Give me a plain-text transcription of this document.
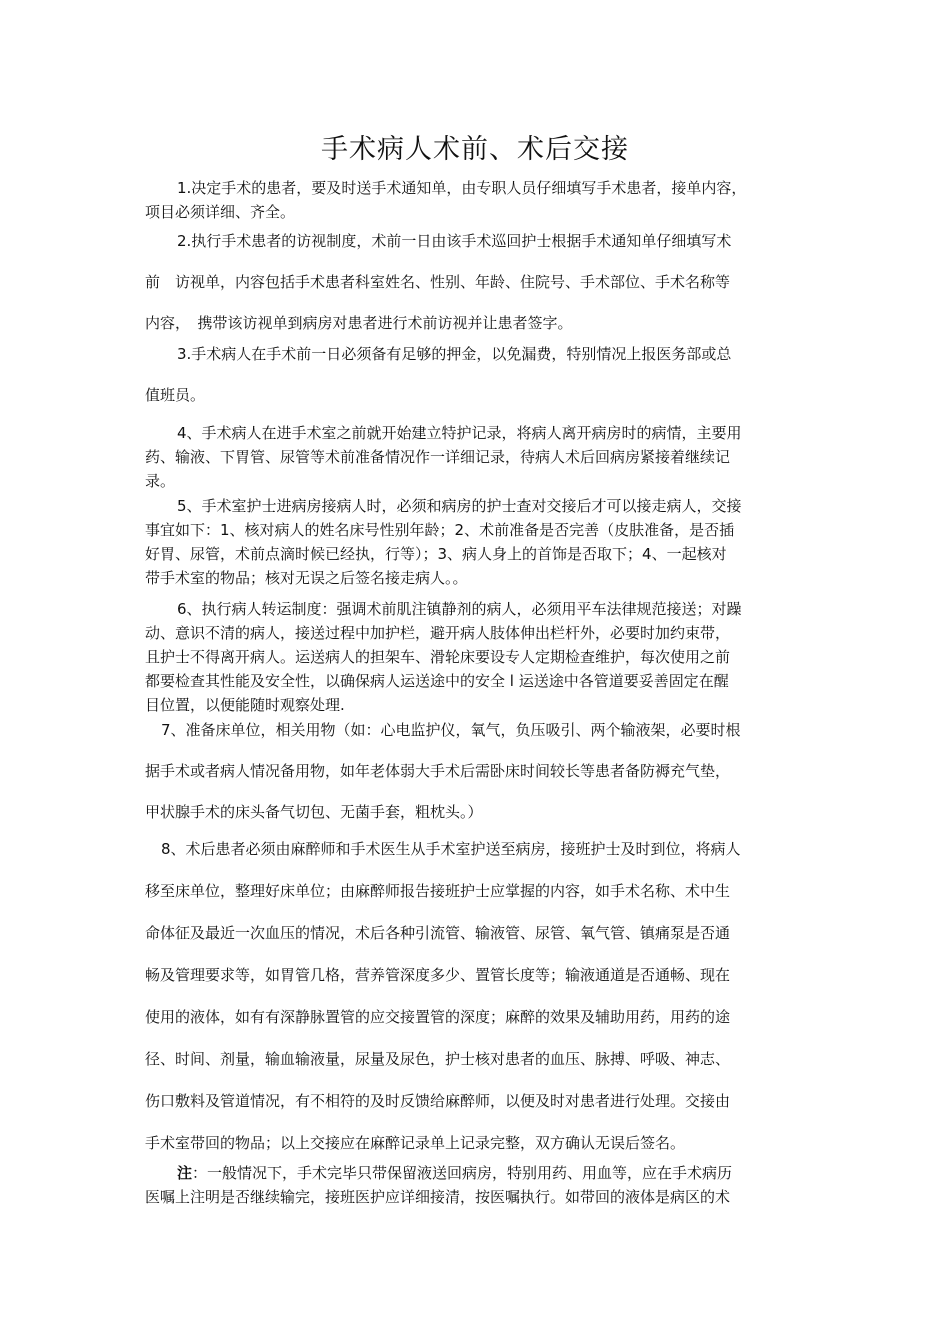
手术病人术前、术后交接
1.决定手术的患者，要及时送手术通知单，由专职人员仔细填写手术患者，接单内容，
项目必须详细、齐全。
2.执行手术患者的访视制度，术前一日由该手术巡回护士根据手术通知单仔细填写术
前　访视单，内容包括手术患者科室姓名、性别、年龄、住院号、手术部位、手术名称等
内容，　携带该访视单到病房对患者进行术前访视并让患者签字。
3.手术病人在手术前一日必须备有足够的押金，以免漏费，特别情况上报医务部或总
值班员。
4、手术病人在进手术室之前就开始建立特护记录，将病人离开病房时的病情，主要用
药、输液、下胃管、尿管等术前准备情况作一详细记录，待病人术后回病房紧接着继续记
录。
5、手术室护士进病房接病人时，必须和病房的护士查对交接后才可以接走病人，交接
事宜如下：1、核对病人的姓名床号性别年龄；2、术前准备是否完善（皮肤准备，是否插
好胃、尿管，术前点滴时候已经执，行等）；3、病人身上的首饰是否取下；4、一起核对
带手术室的物品；核对无误之后签名接走病人。。
6、执行病人转运制度：强调术前肌注镇静剂的病人，必须用平车法律规范接送；对躁
动、意识不清的病人，接送过程中加护栏，避开病人肢体伸出栏杆外，必要时加约束带，
且护士不得离开病人。运送病人的担架车、滑轮床要设专人定期检查维护，每次使用之前
都要检查其性能及安全性，以确保病人运送途中的安全 l 运送途中各管道要妥善固定在醒
目位置，以便能随时观察处理.
7、准备床单位，相关用物（如：心电监护仪，氧气，负压吸引、两个输液架，必要时根
据手术或者病人情况备用物，如年老体弱大手术后需卧床时间较长等患者备防褥充气垫，
甲状腺手术的床头备气切包、无菌手套，粗枕头。）
8、术后患者必须由麻醉师和手术医生从手术室护送至病房，接班护士及时到位，将病人
移至床单位，整理好床单位；由麻醉师报告接班护士应掌握的内容，如手术名称、术中生
命体征及最近一次血压的情况，术后各种引流管、输液管、尿管、氧气管、镇痛泵是否通
畅及管理要求等，如胃管几格，营养管深度多少、置管长度等；输液通道是否通畅、现在
使用的液体，如有有深静脉置管的应交接置管的深度；麻醉的效果及辅助用药，用药的途
径、时间、剂量，输血输液量，尿量及尿色，护士核对患者的血压、脉搏、呼吸、神志、
伤口敷料及管道情况，有不相符的及时反馈给麻醉师，以便及时对患者进行处理。交接由
手术室带回的物品；以上交接应在麻醉记录单上记录完整，双方确认无误后签名。
注：一般情况下，手术完毕只带保留液送回病房，特别用药、用血等，应在手术病历
医嘱上注明是否继续输完，接班医护应详细接清，按医嘱执行。如带回的液体是病区的术
